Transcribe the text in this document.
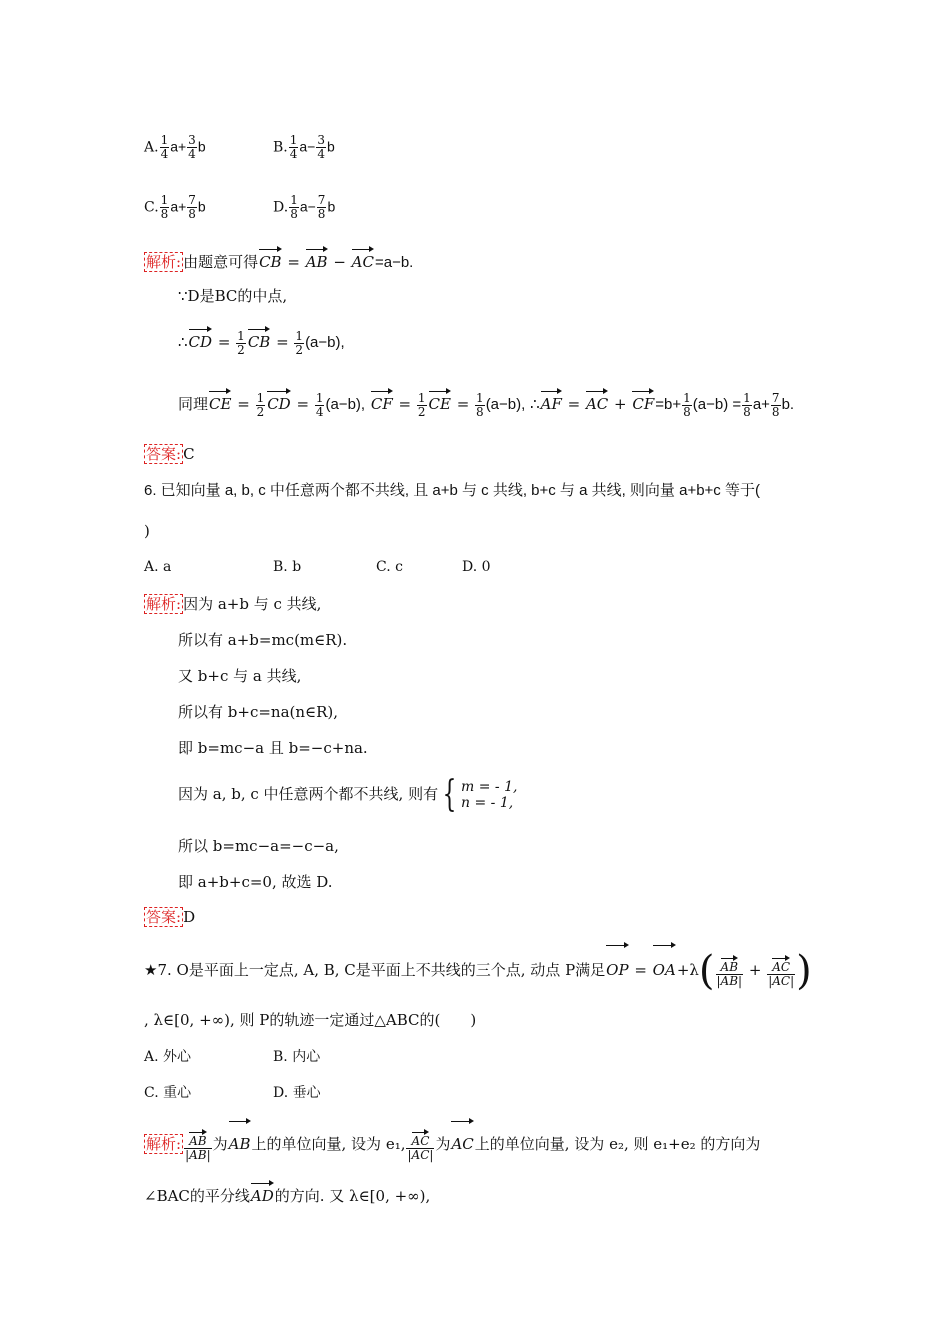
A. $\frac{1}{4} a+ \frac{3}{4}$ b	B. $\frac{1}{4} a- \frac{3}{4}$ b
C. $\frac{1}{8} a+ \frac{7}{8}$ b	D. $\frac{1}{8} a- \frac{7}{8}$ b
解析: 由题意可得CB = AB − AC=a−b.
∵D是BC的中点,
∴CD = $\frac{1}{2}$ CB = $\frac{1}{2} (a-b)$,
同理CE = $\frac{1}{2}$ CD = $\frac{1}{4} (a-b)$, CF = $\frac{1}{2}$ CE = $\frac{1}{8} (a-b)$, ∴AF = AC + $CF=b+ \frac{1}{8} (a-b) = \frac{1}{8} a+ \frac{7}{8} b$.
答案: C
6. 已知向量 a, b, c 中任意两个都不共线, 且 a+b 与 c 共线, b+c 与 a 共线, 则向量 a+b+c 等于(
)
A. a	B. b	C. c	D. 0
解析: 因为 a+b 与 c 共线,
所以有 a+b=mc(m∈R).
又 b+c 与 a 共线,
所以有 b+c=na(n∈R),
即 b=mc−a 且 b=−c+na.
因为 a, b, c 中任意两个都不共线, 则有 { m = - 1,
n = - 1,
所以 b=mc−a=−c−a,
即 a+b+c=0, 故选 D.
答案: D
★7. O是平面上一定点, A, B, C是平面上不共线的三个点, 动点 P满足OP = $OA+\lambda( \frac{AB}{|AB|} + \frac{AC}{|AC|}$ )
, λ∈[0, +∞), 则 P的轨迹一定通过△ABC的(　　)
A. 外心	B. 内心
C. 重心	D. 垂心
解析: $\frac{AB}{|AB|}$ 为AB上的单位向量, 设为 e₁, $\frac{AC}{|AC|}$ 为AC上的单位向量, 设为 e₂, 则 e₁+e₂ 的方向为
∠BAC的平分线AD的方向. 又 λ∈[0, +∞),
